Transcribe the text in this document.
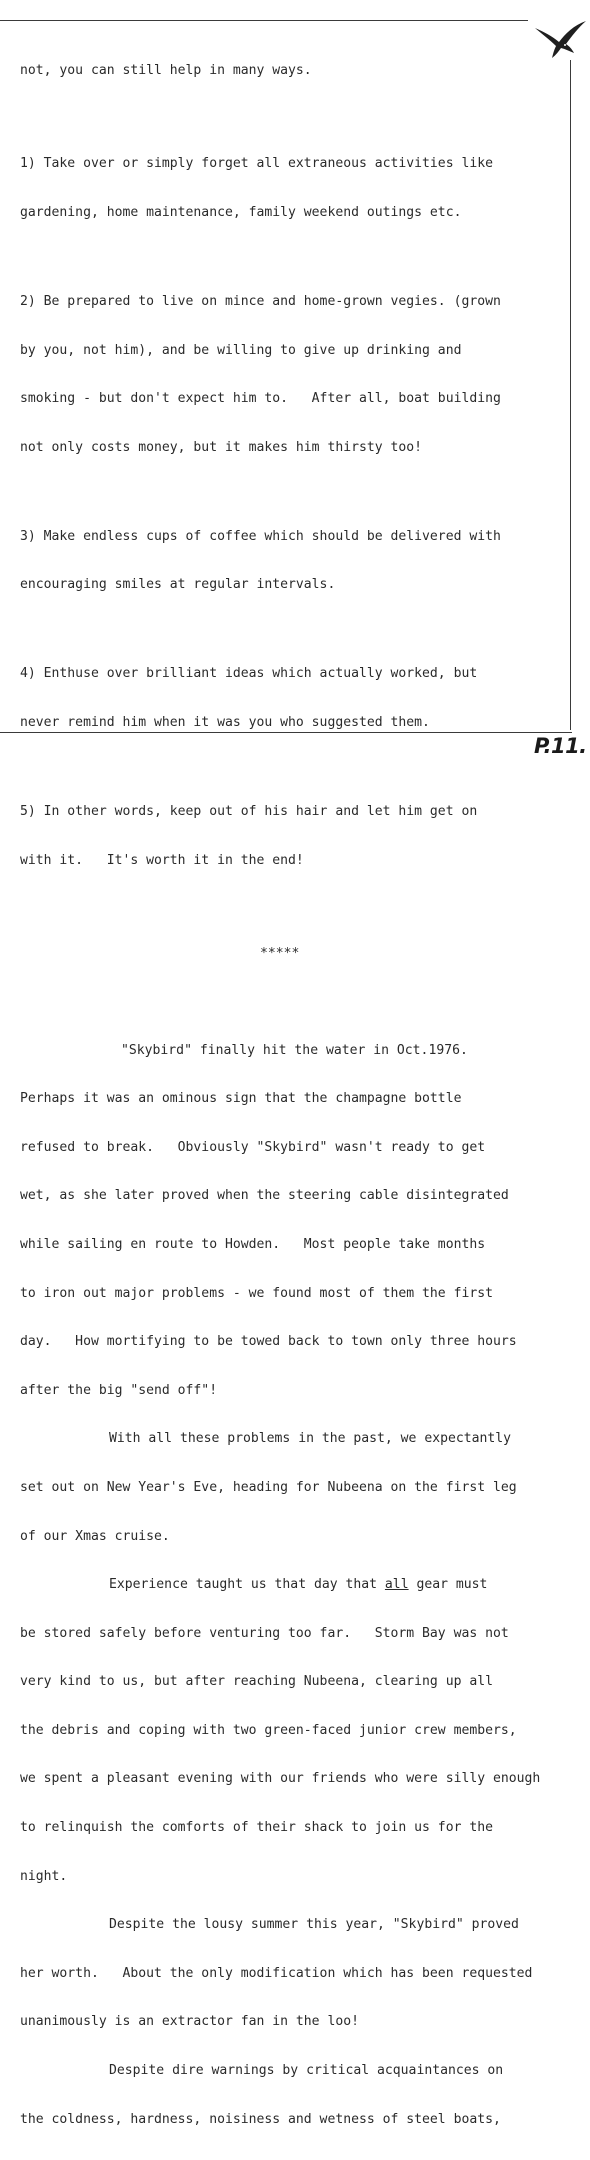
not, you can still help in many ways.

1) Take over or simply forget all extraneous activities like

gardening, home maintenance, family weekend outings etc.

2) Be prepared to live on mince and home-grown vegies. (grown

by you, not him), and be willing to give up drinking and

smoking - but don't expect him to.   After all, boat building

not only costs money, but it makes him thirsty too!

3) Make endless cups of coffee which should be delivered with

encouraging smiles at regular intervals.

4) Enthuse over brilliant ideas which actually worked, but

never remind him when it was you who suggested them.

5) In other words, keep out of his hair and let him get on

with it.   It's worth it in the end!

*****

"Skybird" finally hit the water in Oct.1976.

Perhaps it was an ominous sign that the champagne bottle

refused to break.   Obviously "Skybird" wasn't ready to get

wet, as she later proved when the steering cable disintegrated

while sailing en route to Howden.   Most people take months

to iron out major problems - we found most of them the first

day.   How mortifying to be towed back to town only three hours

after the big "send off"!

With all these problems in the past, we expectantly

set out on New Year's Eve, heading for Nubeena on the first leg

of our Xmas cruise.

Experience taught us that day that all gear must

be stored safely before venturing too far.   Storm Bay was not

very kind to us, but after reaching Nubeena, clearing up all

the debris and coping with two green-faced junior crew members,

we spent a pleasant evening with our friends who were silly enough

to relinquish the comforts of their shack to join us for the

night.

Despite the lousy summer this year, "Skybird" proved

her worth.   About the only modification which has been requested

unanimously is an extractor fan in the loo!

Despite dire warnings by critical acquaintances on

the coldness, hardness, noisiness and wetness of steel boats,

P.11.
